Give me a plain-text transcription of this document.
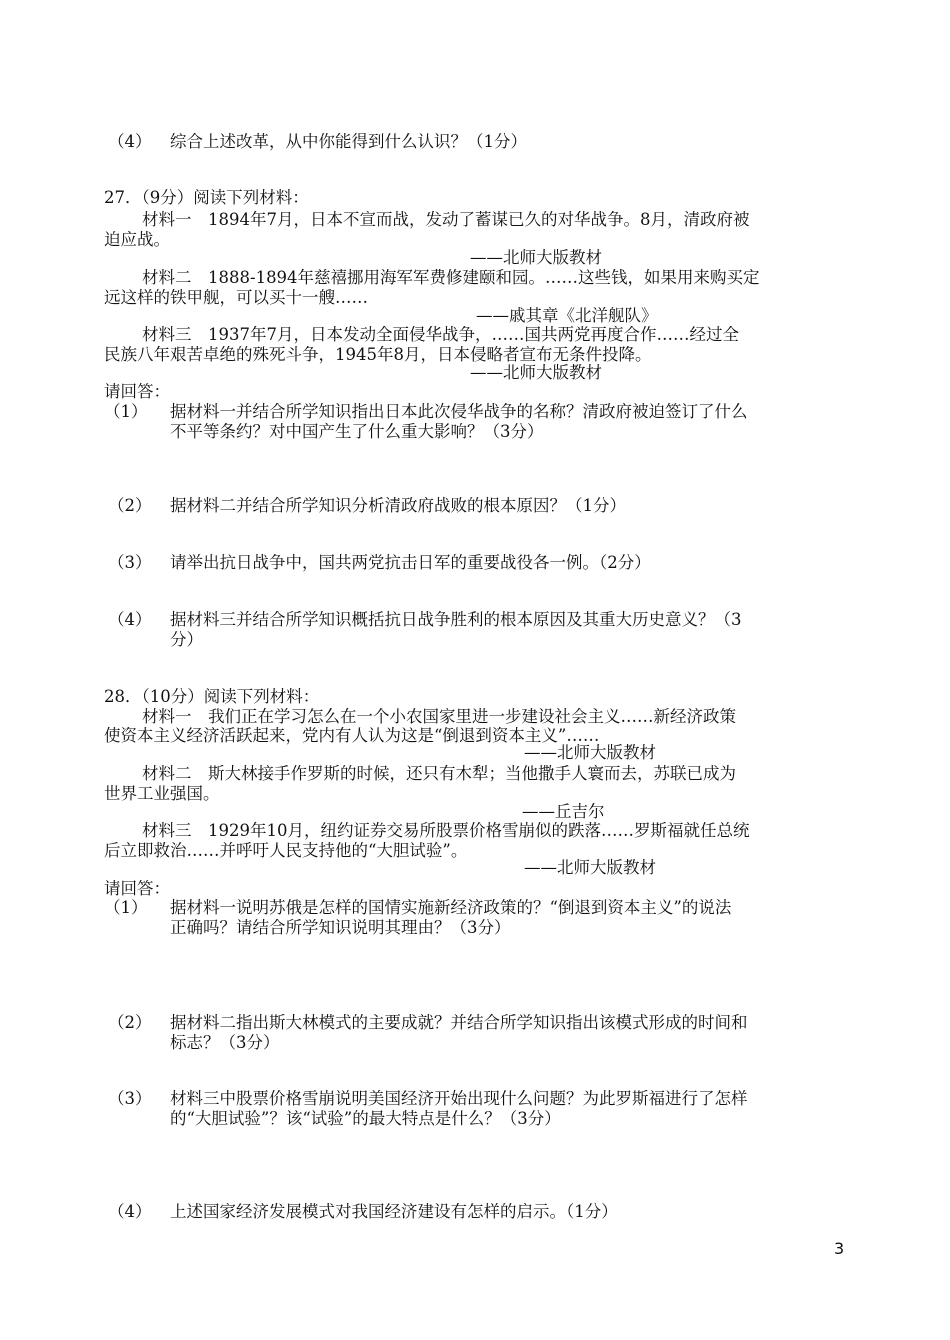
（4） 综合上述改革，从中你能得到什么认识？（1分）
27．（9分）阅读下列材料：
材料一　1894年7月，日本不宣而战，发动了蓄谋已久的对华战争。8月，清政府被
迫应战。
——北师大版教材
材料二　1888-1894年慈禧挪用海军军费修建颐和园。……这些钱，如果用来购买定
远这样的铁甲舰，可以买十一艘……
——戚其章《北洋舰队》
材料三　1937年7月，日本发动全面侵华战争，……国共两党再度合作……经过全
民族八年艰苦卓绝的殊死斗争，1945年8月，日本侵略者宣布无条件投降。
——北师大版教材
请回答：
（1） 据材料一并结合所学知识指出日本此次侵华战争的名称？清政府被迫签订了什么
不平等条约？对中国产生了什么重大影响？（3分）
（2） 据材料二并结合所学知识分析清政府战败的根本原因？（1分）
（3） 请举出抗日战争中，国共两党抗击日军的重要战役各一例。（2分）
（4） 据材料三并结合所学知识概括抗日战争胜利的根本原因及其重大历史意义？（3
分）
28．（10分）阅读下列材料：
材料一　我们正在学习怎么在一个小农国家里进一步建设社会主义……新经济政策
使资本主义经济活跃起来，党内有人认为这是“倒退到资本主义”……
——北师大版教材
材料二　斯大林接手作罗斯的时候，还只有木犁；当他撒手人寰而去，苏联已成为
世界工业强国。
——丘吉尔
材料三　1929年10月，纽约证券交易所股票价格雪崩似的跌落……罗斯福就任总统
后立即救治……并呼吁人民支持他的“大胆试验”。
——北师大版教材
请回答：
（1） 据材料一说明苏俄是怎样的国情实施新经济政策的？“倒退到资本主义”的说法
正确吗？请结合所学知识说明其理由？（3分）
（2） 据材料二指出斯大林模式的主要成就？并结合所学知识指出该模式形成的时间和
标志？（3分）
（3） 材料三中股票价格雪崩说明美国经济开始出现什么问题？为此罗斯福进行了怎样
的“大胆试验”？该“试验”的最大特点是什么？（3分）
（4） 上述国家经济发展模式对我国经济建设有怎样的启示。（1分）
3
